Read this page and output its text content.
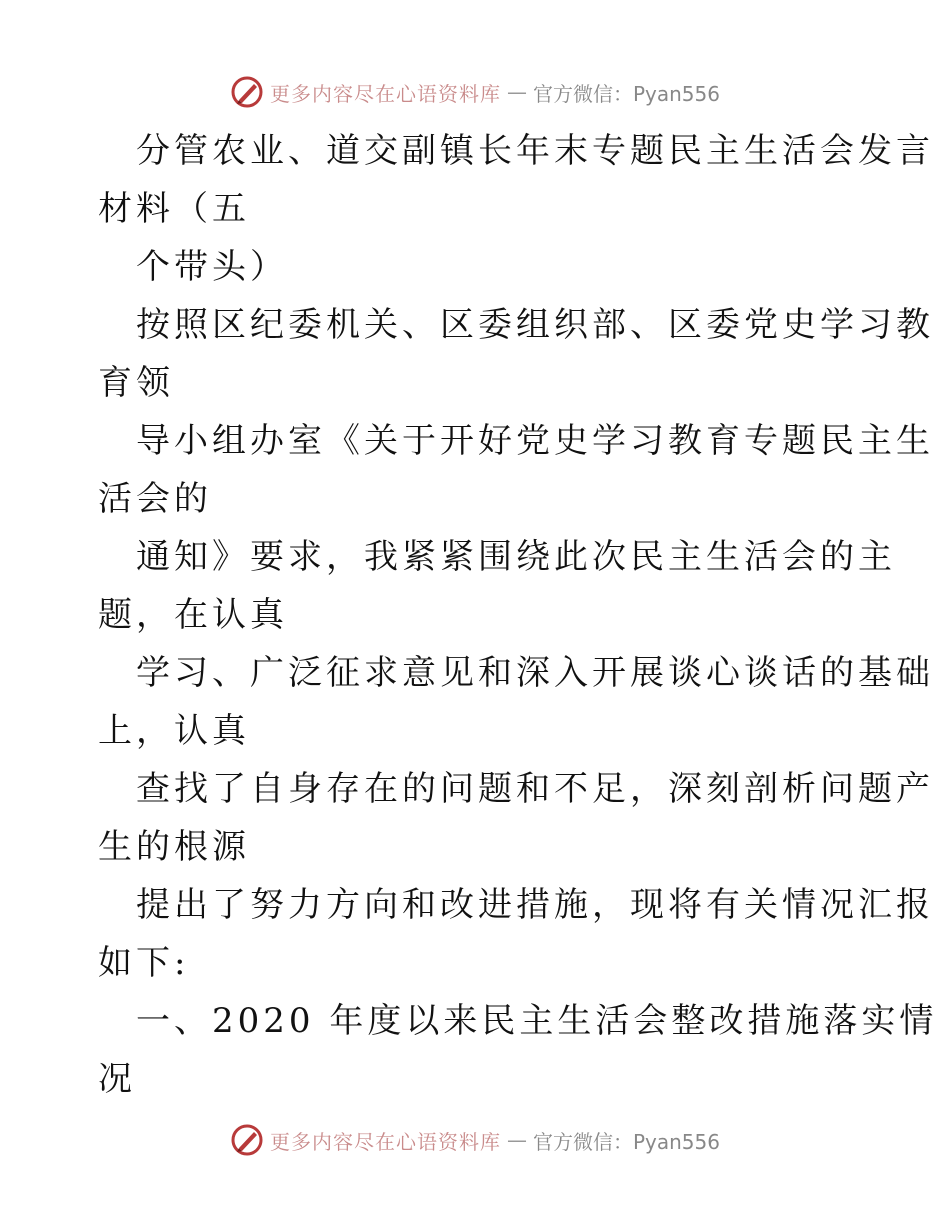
更多内容尽在心语资料库 — 官方微信：Pyan556
分管农业、道交副镇长年末专题民主生活会发言
材料（五
个带头）
按照区纪委机关、区委组织部、区委党史学习教
育领
导小组办室《关于开好党史学习教育专题民主生
活会的
通知》要求，我紧紧围绕此次民主生活会的主
题，在认真
学习、广泛征求意见和深入开展谈心谈话的基础
上，认真
查找了自身存在的问题和不足，深刻剖析问题产
生的根源
提出了努力方向和改进措施，现将有关情况汇报
如下:
一、2020 年度以来民主生活会整改措施落实情
况
更多内容尽在心语资料库 — 官方微信：Pyan556
